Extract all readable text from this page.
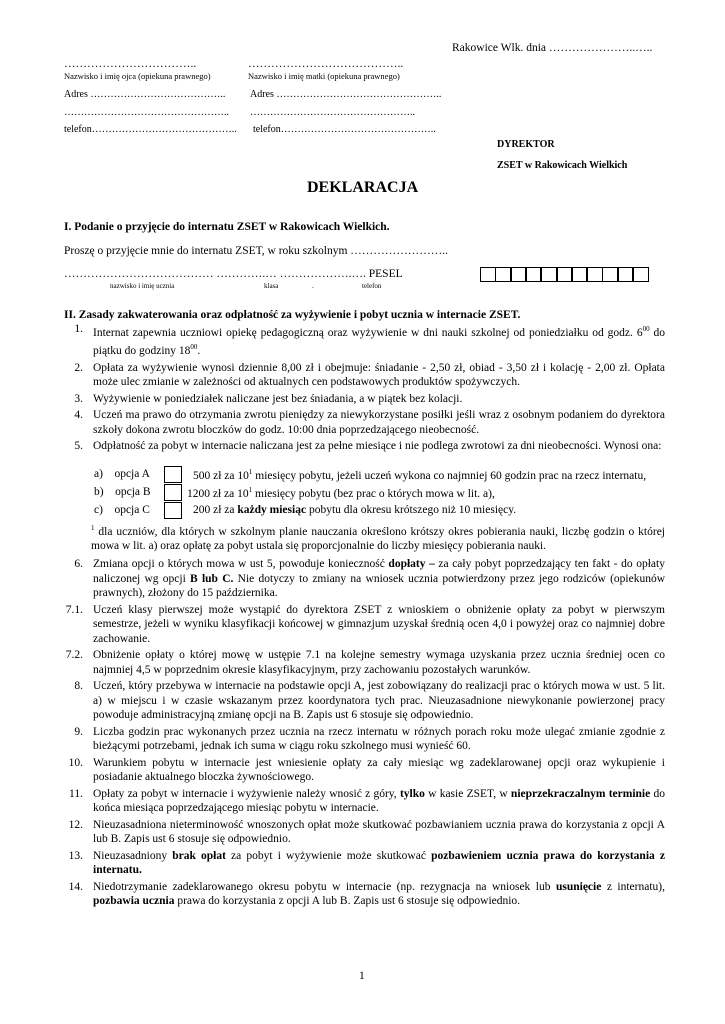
Rakowice Wlk. dnia …………………..…..
……………………………..
Nazwisko i imię ojca (opiekuna prawnego)
…………………………………..
Nazwisko i imię matki (opiekuna prawnego)
Adres ………………………………….. Adres …………………………………………..
………………………………………….. …………………………………………..
telefon…………………………………….. telefon………………………………………..
DYREKTOR
ZSET w Rakowicach Wielkich
DEKLARACJA
I. Podanie o przyjęcie do internatu ZSET w Rakowicach Wielkich.
Proszę o przyjęcie mnie do internatu ZSET, w roku szkolnym ……………………..
………………………………… ………….… ……………….…. PESEL
nazwisko i imię ucznia	klasa	.	telefon
II. Zasady zakwaterowania oraz odpłatność za wyżywienie i pobyt ucznia w internacie ZSET.

1. Internat zapewnia uczniowi opiekę pedagogiczną oraz wyżywienie w dni nauki szkolnej od poniedziałku od godz. $6^{00}$ do piątku do godziny $18^{00}$.

2. Opłata za wyżywienie wynosi dziennie 8,00 zł i obejmuje: śniadanie - 2,50 zł, obiad - 3,50 zł i kolację - 2,00 zł. Opłata może ulec zmianie w zależności od aktualnych cen podstawowych produktów spożywczych.

3. Wyżywienie w poniedziałek naliczane jest bez śniadania, a w piątek bez kolacji.

4. Uczeń ma prawo do otrzymania zwrotu pieniędzy za niewykorzystane posiłki jeśli wraz z osobnym podaniem do dyrektora szkoły dokona zwrotu bloczków do godz. 10:00 dnia poprzedzającego nieobecność.

5. Odpłatność za pobyt w internacie naliczana jest za pełne miesiące i nie podlega zwrotowi za dni nieobecności. Wynosi ona:

a) opcja A	500 zł za $10^1$ miesięcy pobytu, jeżeli uczeń wykona co najmniej 60 godzin prac na rzecz internatu,
b) opcja B	1200 zł za $10^1$ miesięcy pobytu (bez prac o których mowa w lit. a),
c) opcja C	200 zł za każdy miesiąc pobytu dla okresu krótszego niż 10 miesięcy.

$^1$ dla uczniów, dla których w szkolnym planie nauczania określono krótszy okres pobierania nauki, liczbę godzin o której mowa w lit. a) oraz opłatę za pobyt ustala się proporcjonalnie do liczby miesięcy pobierania nauki.

6. Zmiana opcji o których mowa w ust 5, powoduje konieczność dopłaty – za cały pobyt poprzedzający ten fakt - do opłaty naliczonej wg opcji B lub C. Nie dotyczy to zmiany na wniosek ucznia potwierdzony przez jego rodziców (opiekunów prawnych), złożony do 15 października.

7.1. Uczeń klasy pierwszej może wystąpić do dyrektora ZSET z wnioskiem o obniżenie opłaty za pobyt w pierwszym semestrze, jeżeli w wyniku klasyfikacji końcowej w gimnazjum uzyskał średnią ocen 4,0 i powyżej oraz co najmniej dobre zachowanie.

7.2. Obniżenie opłaty o której mowę w ustępie 7.1 na kolejne semestry wymaga uzyskania przez ucznia średniej ocen co najmniej 4,5 w poprzednim okresie klasyfikacyjnym, przy zachowaniu pozostałych warunków.

8. Uczeń, który przebywa w internacie na podstawie opcji A, jest zobowiązany do realizacji prac o których mowa w ust. 5 lit. a) w miejscu i w czasie wskazanym przez koordynatora tych prac. Nieuzasadnione niewykonanie powierzonej pracy powoduje administracyjną zmianę opcji na B. Zapis ust 6 stosuje się odpowiednio.

9. Liczba godzin prac wykonanych przez ucznia na rzecz internatu w różnych porach roku może ulegać zmianie zgodnie z bieżącymi potrzebami, jednak ich suma w ciągu roku szkolnego musi wynieść 60.

10. Warunkiem pobytu w internacie jest wniesienie opłaty za cały miesiąc wg zadeklarowanej opcji oraz wykupienie i posiadanie aktualnego bloczka żywnościowego.

11. Opłaty za pobyt w internacie i wyżywienie należy wnosić z góry, tylko w kasie ZSET, w nieprzekraczalnym terminie do końca miesiąca poprzedzającego miesiąc pobytu w internacie.

12. Nieuzasadniona nieterminowość wnoszonych opłat może skutkować pozbawianiem ucznia prawa do korzystania z opcji A lub B. Zapis ust 6 stosuje się odpowiednio.

13. Nieuzasadniony brak opłat za pobyt i wyżywienie może skutkować pozbawieniem ucznia prawa do korzystania z internatu.

14. Niedotrzymanie zadeklarowanego okresu pobytu w internacie (np. rezygnacja na wniosek lub usunięcie z internatu), pozbawia ucznia prawa do korzystania z opcji A lub B. Zapis ust 6 stosuje się odpowiednio.

1
